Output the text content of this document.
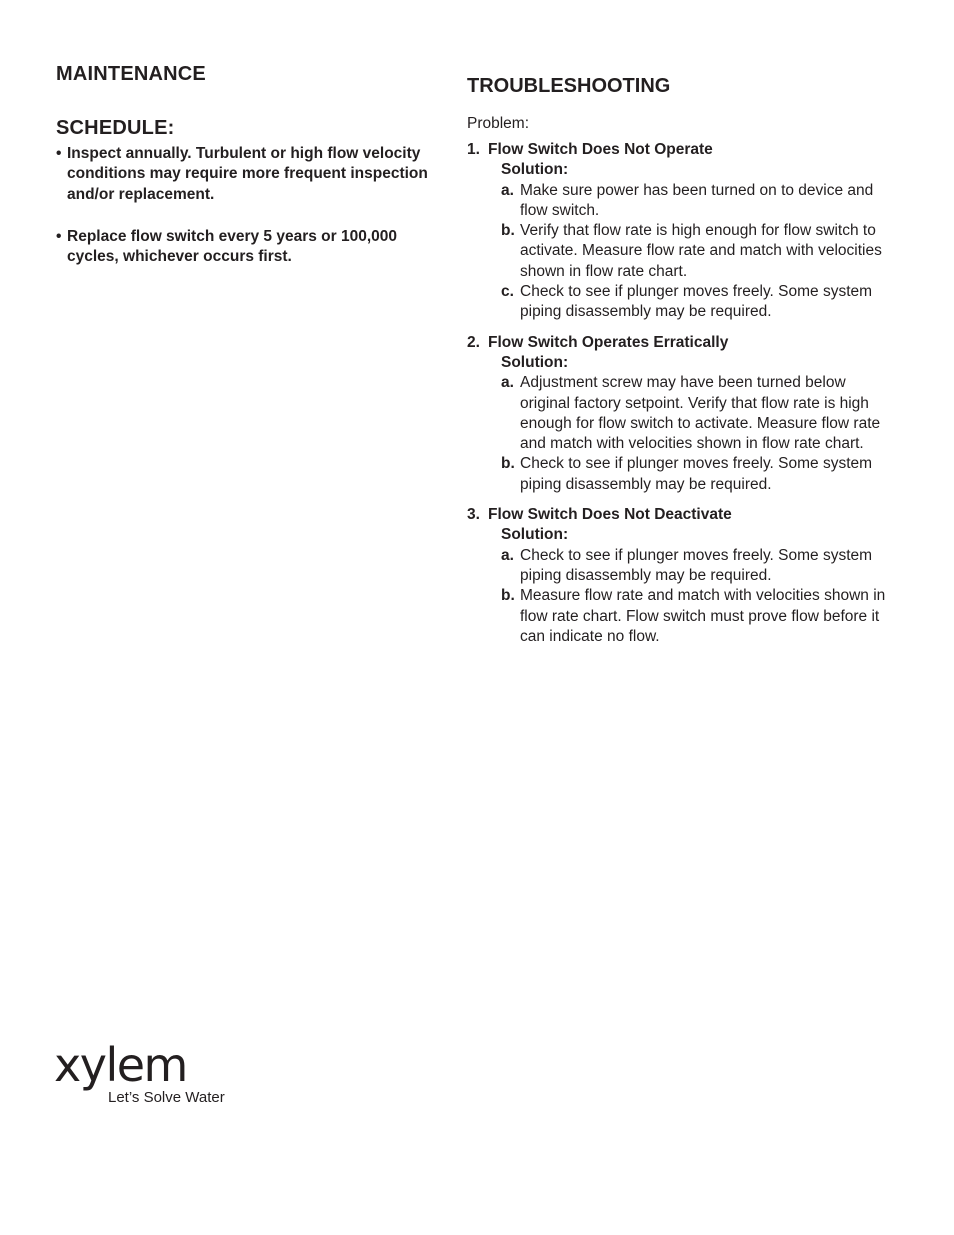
MAINTENANCE
SCHEDULE:
• Inspect annually. Turbulent or high flow velocity conditions may require more frequent inspection and/or replacement.
• Replace flow switch every 5 years or 100,000 cycles, whichever occurs first.
TROUBLESHOOTING
Problem:
1. Flow Switch Does Not Operate
Solution:
a. Make sure power has been turned on to device and flow switch.
b. Verify that flow rate is high enough for flow switch to activate. Measure flow rate and match with velocities shown in flow rate chart.
c. Check to see if plunger moves freely. Some system piping disassembly may be required.
2. Flow Switch Operates Erratically
Solution:
a. Adjustment screw may have been turned below original factory setpoint. Verify that flow rate is high enough for flow switch to activate. Measure flow rate and match with velocities shown in flow rate chart.
b. Check to see if plunger moves freely. Some system piping disassembly may be required.
3. Flow Switch Does Not Deactivate
Solution:
a. Check to see if plunger moves freely. Some system piping disassembly may be required.
b. Measure flow rate and match with velocities shown in flow rate chart. Flow switch must prove flow before it can indicate no flow.
xylem
Let’s Solve Water
